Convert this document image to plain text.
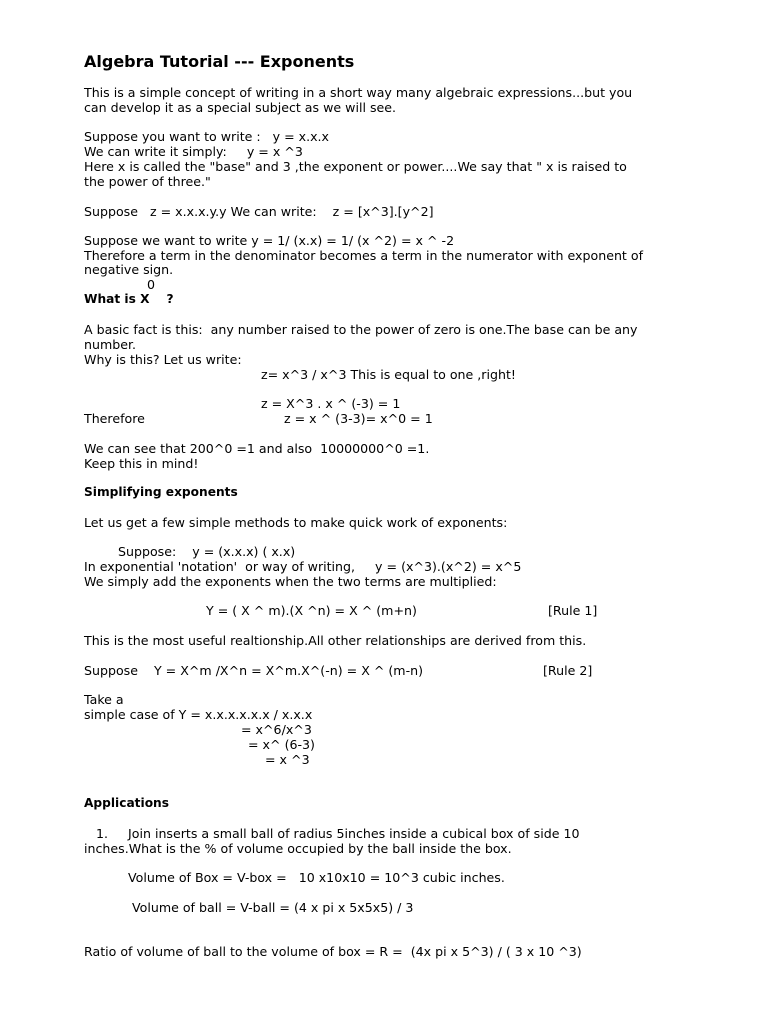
Algebra Tutorial --- Exponents
This is a simple concept of writing in a short way many algebraic expressions...but you
can develop it as a special subject as we will see.
Suppose you want to write :   y = x.x.x
We can write it simply:     y = x ^3
Here x is called the "base" and 3 ,the exponent or power....We say that " x is raised to
the power of three."
Suppose   z = x.x.x.y.y We can write:    z = [x^3].[y^2]
Suppose we want to write y = 1/ (x.x) = 1/ (x ^2) = x ^ -2
Therefore a term in the denominator becomes a term in the numerator with exponent of
negative sign.
0
What is X    ?
A basic fact is this:  any number raised to the power of zero is one.The base can be any
number.
Why is this? Let us write:
z= x^3 / x^3 This is equal to one ,right!
z = X^3 . x ^ (-3) = 1
Therefore	z = x ^ (3-3)= x^0 = 1
We can see that 200^0 =1 and also  10000000^0 =1.
Keep this in mind!
Simplifying exponents
Let us get a few simple methods to make quick work of exponents:
Suppose:    y = (x.x.x) ( x.x)
In exponential 'notation'  or way of writing,     y = (x^3).(x^2) = x^5
We simply add the exponents when the two terms are multiplied:
Y = ( X ^ m).(X ^n) = X ^ (m+n)	[Rule 1]
This is the most useful realtionship.All other relationships are derived from this.
Suppose    Y = X^m /X^n = X^m.X^(-n) = X ^ (m-n)	[Rule 2]
Take a
simple case of Y = x.x.x.x.x.x / x.x.x
= x^6/x^3
= x^ (6-3)
= x ^3
Applications
1.     Join inserts a small ball of radius 5inches inside a cubical box of side 10
inches.What is the % of volume occupied by the ball inside the box.
Volume of Box = V-box =   10 x10x10 = 10^3 cubic inches.
Volume of ball = V-ball = (4 x pi x 5x5x5) / 3
Ratio of volume of ball to the volume of box = R =  (4x pi x 5^3) / ( 3 x 10 ^3)
